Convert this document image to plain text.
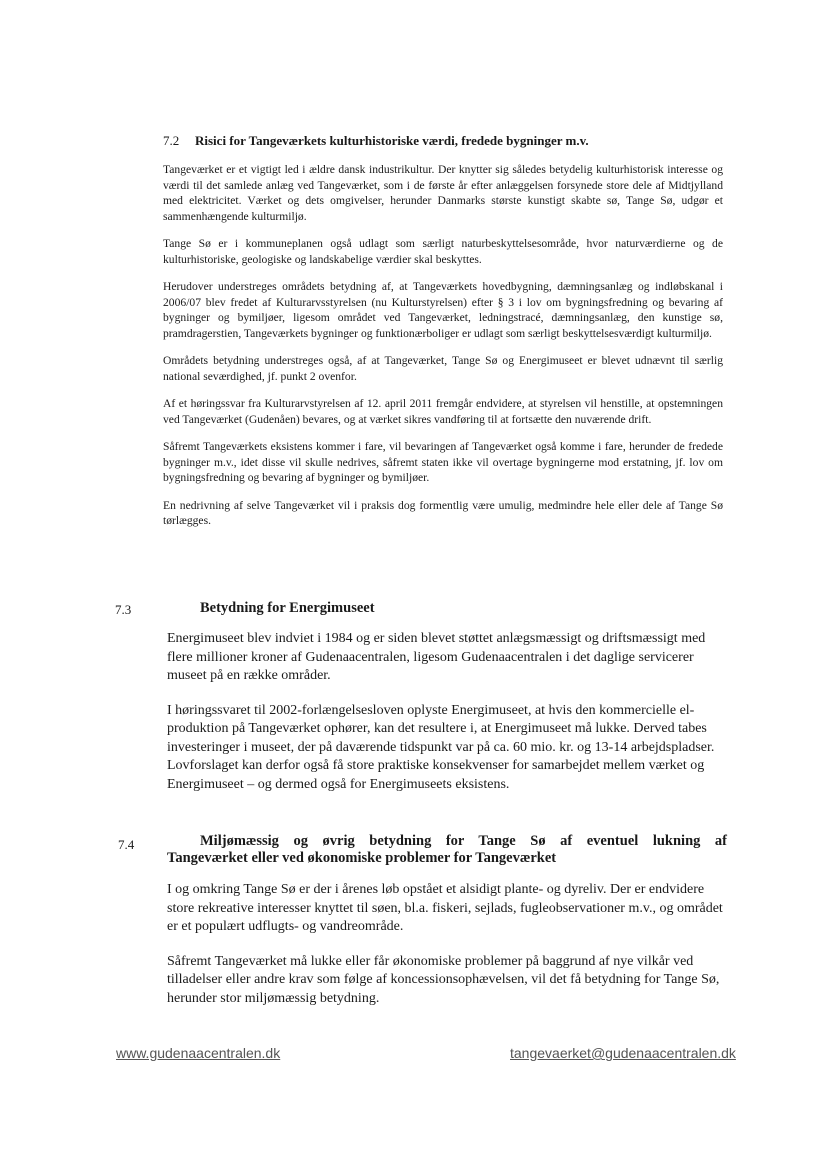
7.2 Risici for Tangeværkets kulturhistoriske værdi, fredede bygninger m.v.

Tangeværket er et vigtigt led i ældre dansk industrikultur. Der knytter sig således betydelig kulturhistorisk interesse og værdi til det samlede anlæg ved Tangeværket, som i de første år efter anlæggelsen forsynede store dele af Midtjylland med elektricitet. Værket og dets omgivelser, herunder Danmarks største kunstigt skabte sø, Tange Sø, udgør et sammenhængende kulturmiljø.

Tange Sø er i kommuneplanen også udlagt som særligt naturbeskyttelsesområde, hvor naturværdierne og de kulturhistoriske, geologiske og landskabelige værdier skal beskyttes.

Herudover understreges områdets betydning af, at Tangeværkets hovedbygning, dæmningsanlæg og indløbskanal i 2006/07 blev fredet af Kulturarvsstyrelsen (nu Kulturstyrelsen) efter § 3 i lov om bygningsfredning og bevaring af bygninger og bymiljøer, ligesom området ved Tangeværket, ledningstracé, dæmningsanlæg, den kunstige sø, pramdragerstien, Tangeværkets bygninger og funktionærboliger er udlagt som særligt beskyttelsesværdigt kulturmiljø.

Områdets betydning understreges også, af at Tangeværket, Tange Sø og Energimuseet er blevet udnævnt til særlig national seværdighed, jf. punkt 2 ovenfor.

Af et høringssvar fra Kulturarvstyrelsen af 12. april 2011 fremgår endvidere, at styrelsen vil henstille, at opstemningen ved Tangeværket (Gudenåen) bevares, og at værket sikres vandføring til at fortsætte den nuværende drift.

Såfremt Tangeværkets eksistens kommer i fare, vil bevaringen af Tangeværket også komme i fare, herunder de fredede bygninger m.v., idet disse vil skulle nedrives, såfremt staten ikke vil overtage bygningerne mod erstatning, jf. lov om bygningsfredning og bevaring af bygninger og bymiljøer.

En nedrivning af selve Tangeværket vil i praksis dog formentlig være umulig, medmindre hele eller dele af Tange Sø tørlægges.

7.3	Betydning for Energimuseet

Energimuseet blev indviet i 1984 og er siden blevet støttet anlægsmæssigt og driftsmæssigt med flere millioner kroner af Gudenaacentralen, ligesom Gudenaacentralen i det daglige servicerer museet på en række områder.

I høringssvaret til 2002-forlængelsesloven oplyste Energimuseet, at hvis den kommercielle el-produktion på Tangeværket ophører, kan det resultere i, at Energimuseet må lukke. Derved tabes investeringer i museet, der på daværende tidspunkt var på ca. 60 mio. kr. og 13-14 arbejdspladser. Lovforslaget kan derfor også få store praktiske konsekvenser for samarbejdet mellem værket og Energimuseet – og dermed også for Energimuseets eksistens.

7.4	Miljømæssig og øvrig betydning for Tange Sø af eventuel lukning af
Tangeværket eller ved økonomiske problemer for Tangeværket

I og omkring Tange Sø er der i årenes løb opstået et alsidigt plante- og dyreliv. Der er endvidere store rekreative interesser knyttet til søen, bl.a. fiskeri, sejlads, fugleobservationer m.v., og området er et populært udflugts- og vandreområde.

Såfremt Tangeværket må lukke eller får økonomiske problemer på baggrund af nye vilkår ved tilladelser eller andre krav som følge af koncessionsophævelsen, vil det få betydning for Tange Sø, herunder stor miljømæssig betydning.

www.gudenaacentralen.dk	tangevaerket@gudenaacentralen.dk
